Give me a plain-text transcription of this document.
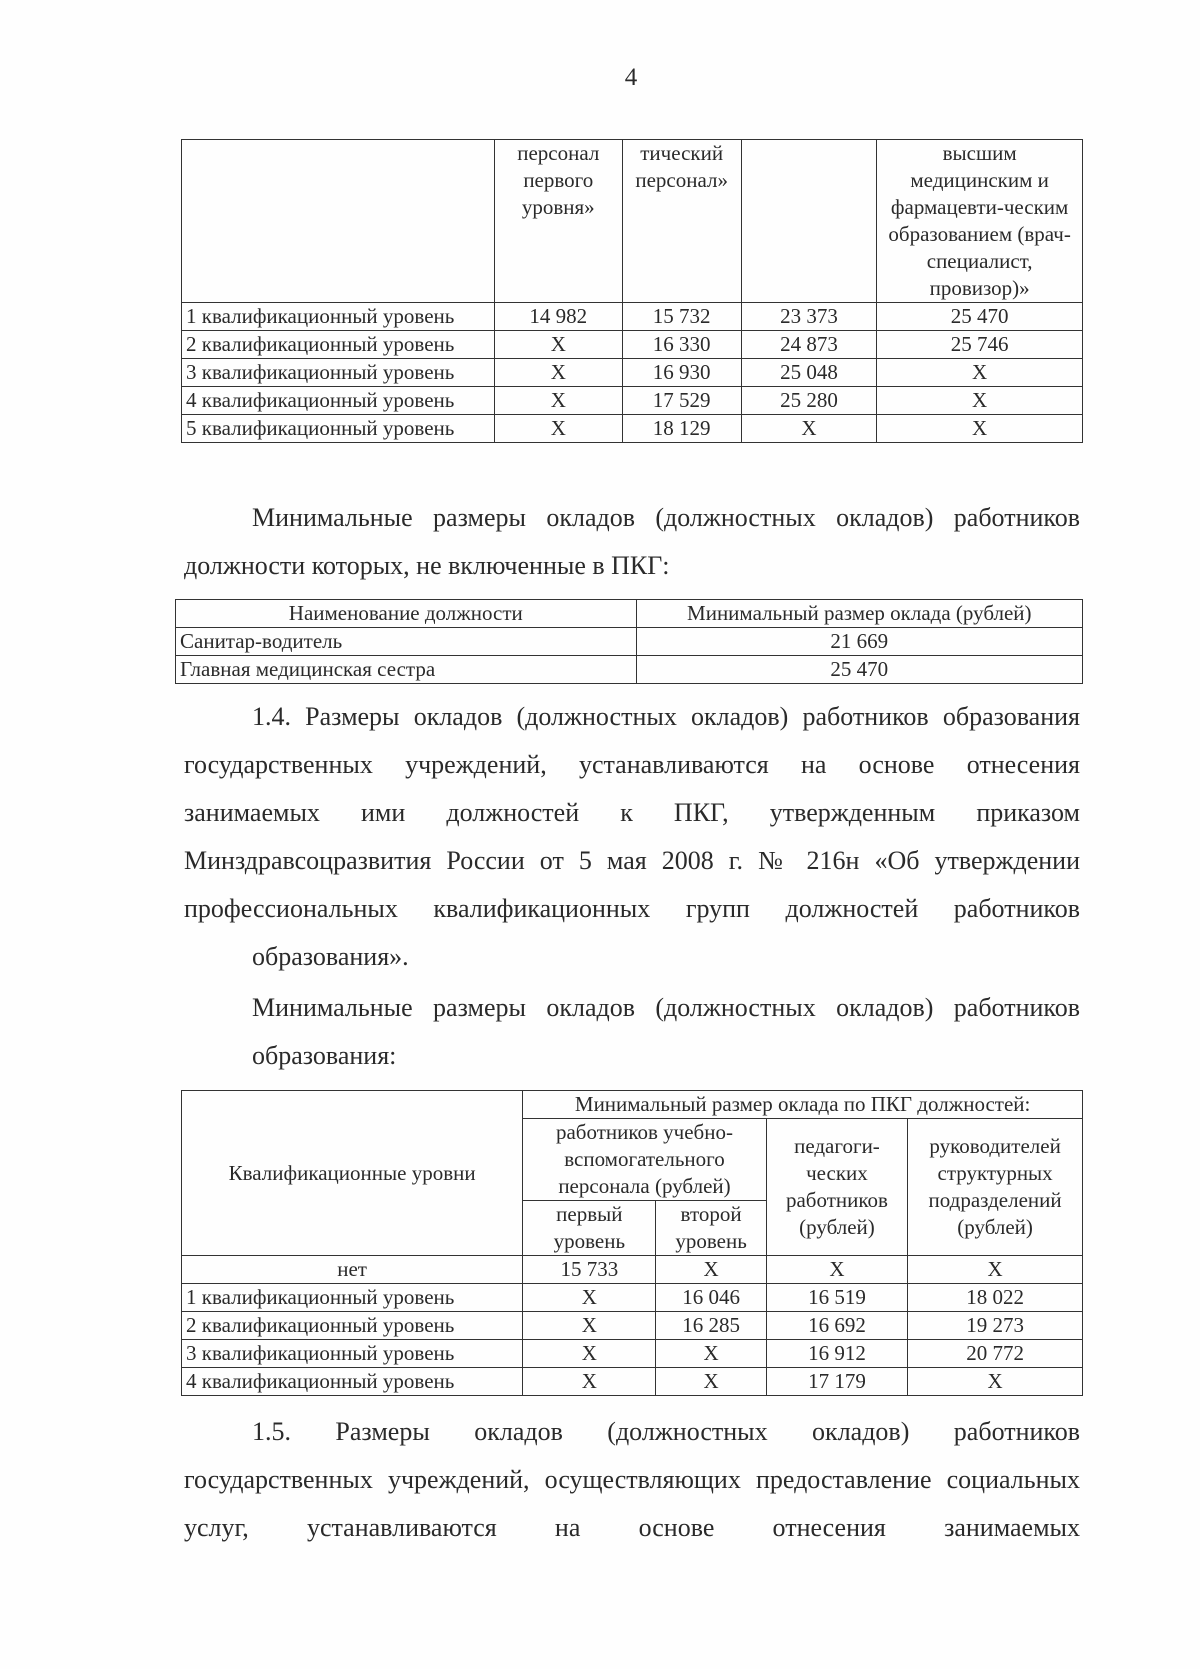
4
	персонал первого уровня»	тический персонал»		высшим медицинским и фармацевти-ческим образованием (врач-специалист, провизор)»
1 квалификационный уровень	14 982	15 732	23 373	25 470
2 квалификационный уровень	X	16 330	24 873	25 746
3 квалификационный уровень	X	16 930	25 048	X
4 квалификационный уровень	X	17 529	25 280	X
5 квалификационный уровень	X	18 129	X	X
Минимальные размеры окладов (должностных окладов) работников
должности которых, не включенные в ПКГ:
Наименование должности	Минимальный размер оклада (рублей)
Санитар-водитель	21 669
Главная медицинская сестра	25 470
1.4. Размеры окладов (должностных окладов) работников образования государственных учреждений, устанавливаются на основе отнесения занимаемых ими должностей к ПКГ, утвержденным приказом Минздравсоцразвития России от 5 мая 2008 г. № 216н «Об утверждении профессиональных квалификационных групп должностей работников
образования».
Минимальные размеры окладов (должностных окладов) работников
образования:
Квалификационные уровни	Минимальный размер оклада по ПКГ должностей:			
	работников учебно-вспомогательного персонала (рублей)		педагоги-ческих работников (рублей)	руководителей структурных подразделений (рублей)
	первый уровень	второй уровень		
нет	15 733	X	X	X
1 квалификационный уровень	X	16 046	16 519	18 022
2 квалификационный уровень	X	16 285	16 692	19 273
3 квалификационный уровень	X	X	16 912	20 772
4 квалификационный уровень	X	X	17 179	X
1.5. Размеры окладов (должностных окладов) работников государственных учреждений, осуществляющих предоставление социальных услуг, устанавливаются на основе отнесения занимаемых
